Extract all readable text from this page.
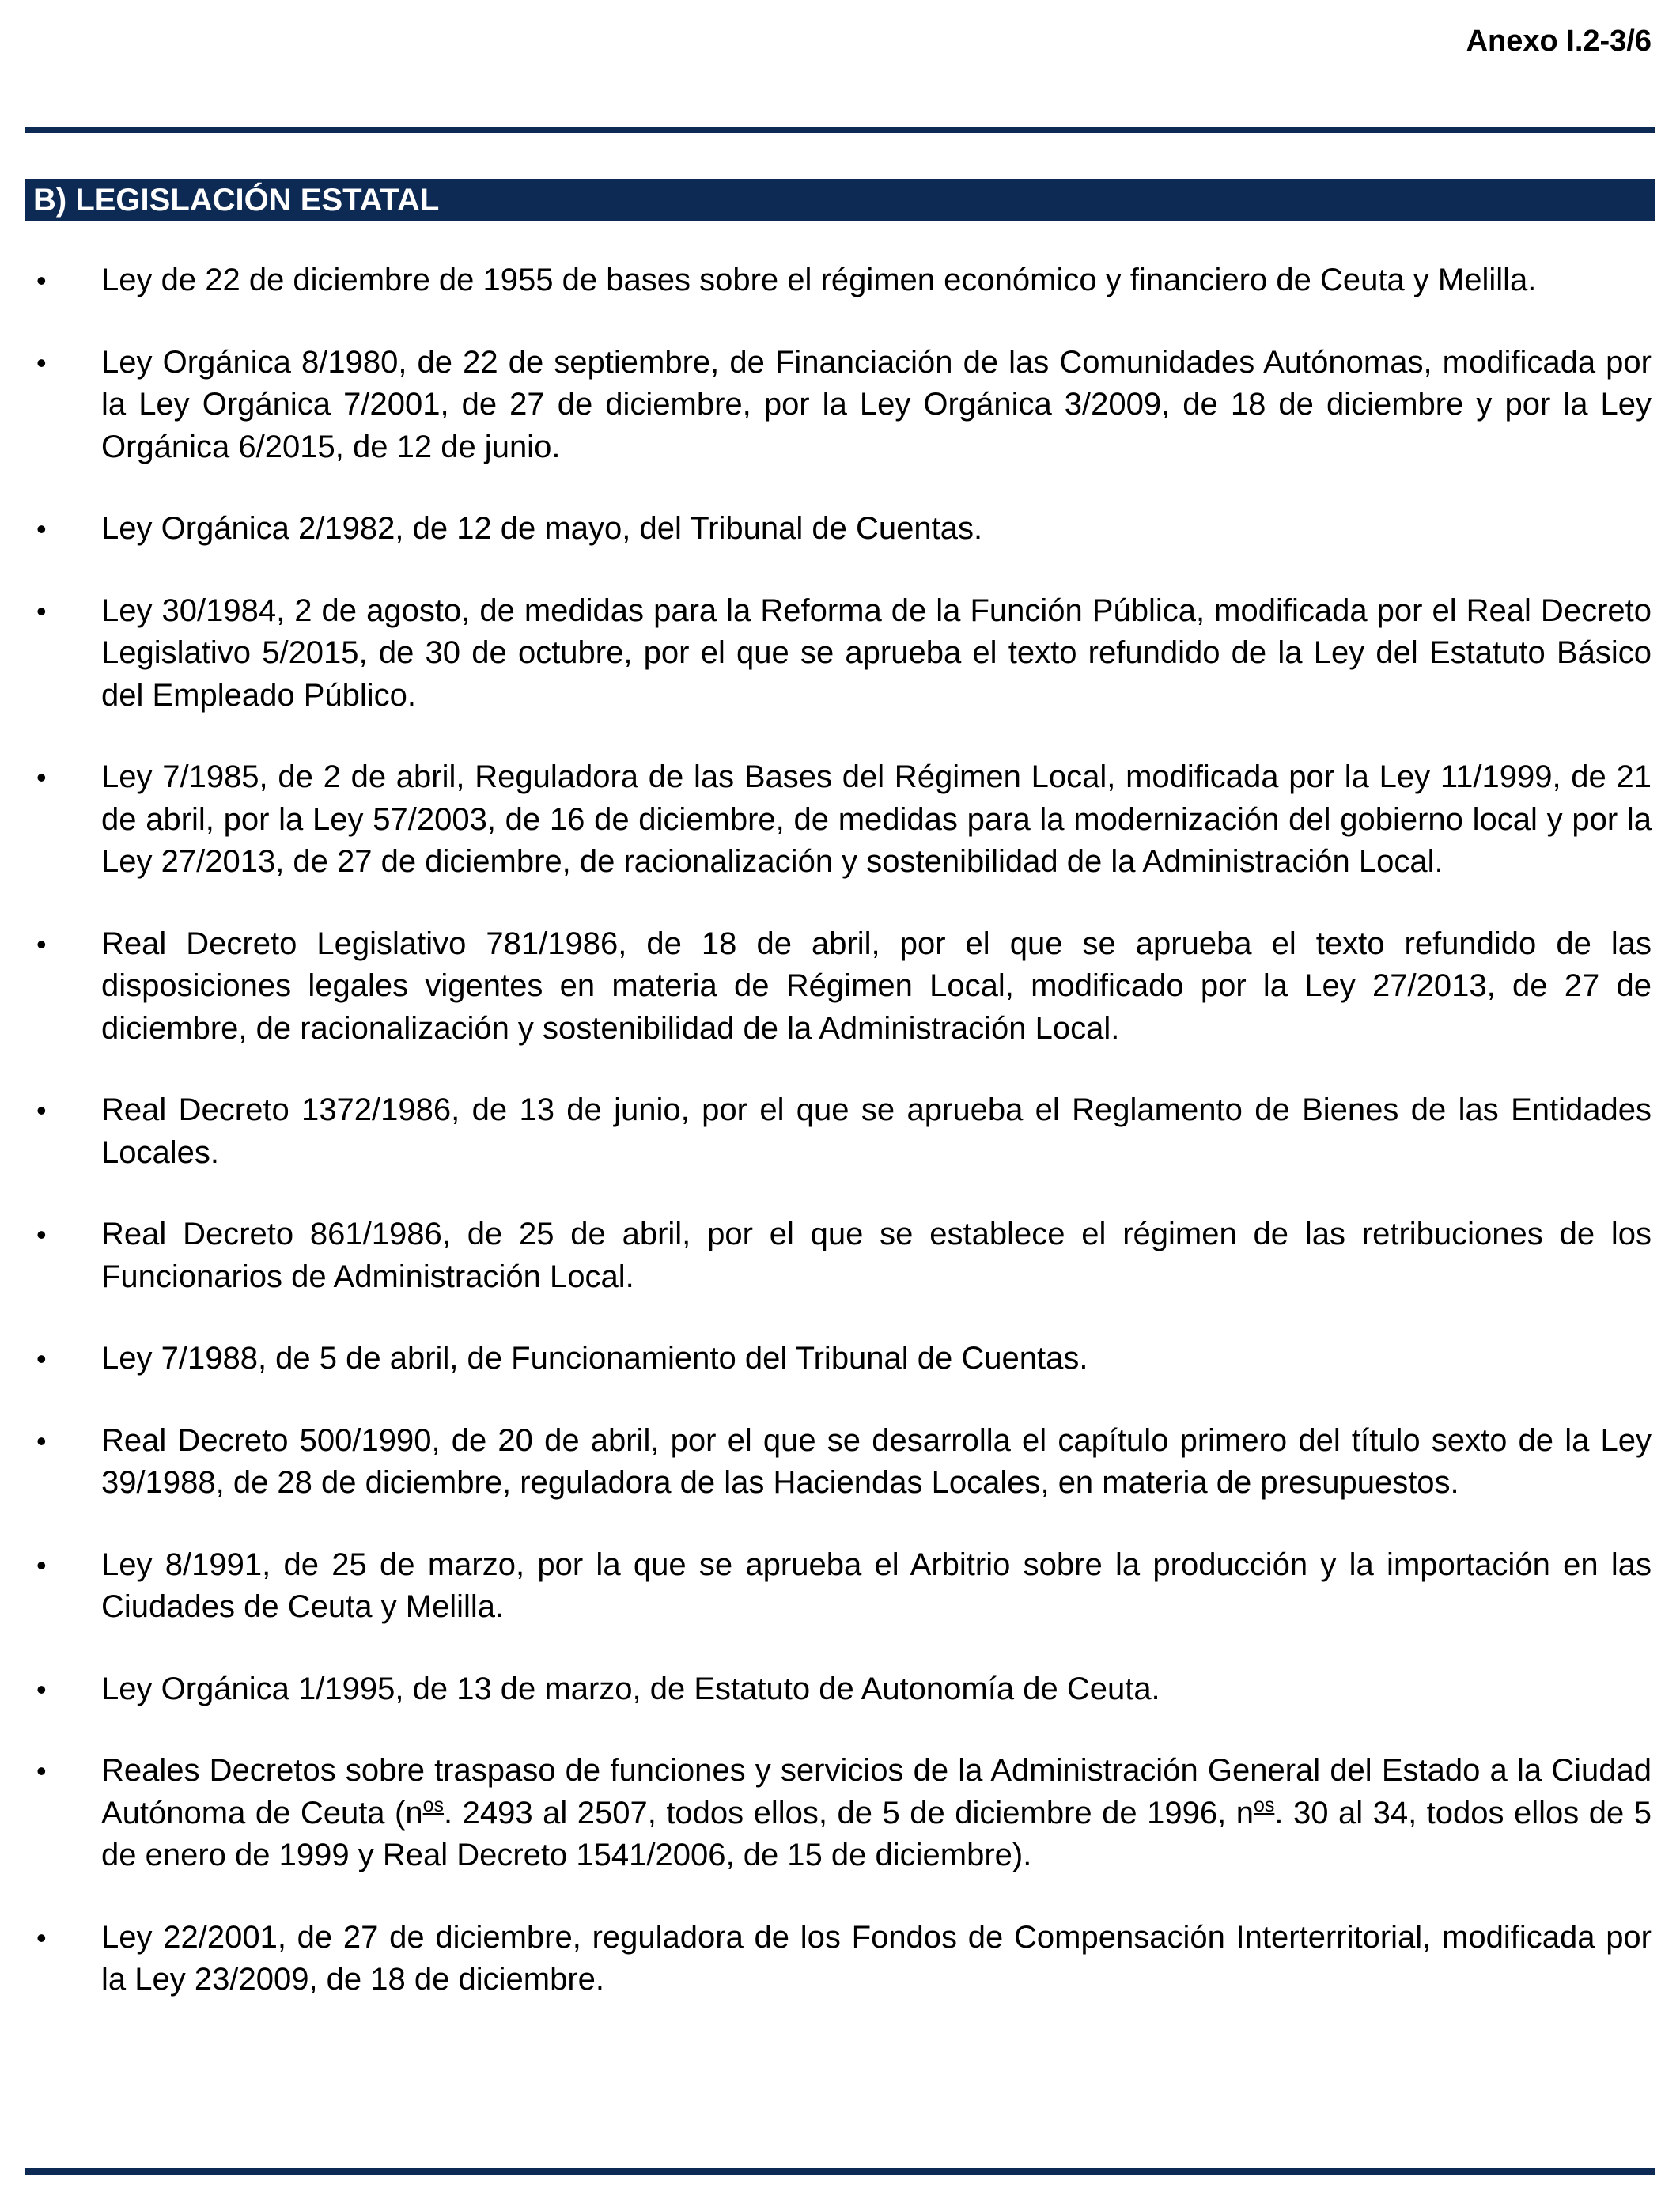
Anexo I.2-3/6
B) LEGISLACIÓN ESTATAL
• Ley de 22 de diciembre de 1955 de bases sobre el régimen económico y financiero de Ceuta y Melilla.
• Ley Orgánica 8/1980, de 22 de septiembre, de Financiación de las Comunidades Autónomas, modificada por la Ley Orgánica 7/2001, de 27 de diciembre, por la Ley Orgánica 3/2009, de 18 de diciembre y por la Ley Orgánica 6/2015, de 12 de junio.
• Ley Orgánica 2/1982, de 12 de mayo, del Tribunal de Cuentas.
• Ley 30/1984, 2 de agosto, de medidas para la Reforma de la Función Pública, modificada por el Real Decreto Legislativo 5/2015, de 30 de octubre, por el que se aprueba el texto refundido de la Ley del Estatuto Básico del Empleado Público.
• Ley 7/1985, de 2 de abril, Reguladora de las Bases del Régimen Local, modificada por la Ley 11/1999, de 21 de abril, por la Ley 57/2003, de 16 de diciembre, de medidas para la modernización del gobierno local y por la Ley 27/2013, de 27 de diciembre, de racionalización y sostenibilidad de la Administración Local.
• Real Decreto Legislativo 781/1986, de 18 de abril, por el que se aprueba el texto refundido de las disposiciones legales vigentes en materia de Régimen Local, modificado por la Ley 27/2013, de 27 de diciembre, de racionalización y sostenibilidad de la Administración Local.
• Real Decreto 1372/1986, de 13 de junio, por el que se aprueba el Reglamento de Bienes de las Entidades Locales.
• Real Decreto 861/1986, de 25 de abril, por el que se establece el régimen de las retribuciones de los Funcionarios de Administración Local.
• Ley 7/1988, de 5 de abril, de Funcionamiento del Tribunal de Cuentas.
• Real Decreto 500/1990, de 20 de abril, por el que se desarrolla el capítulo primero del título sexto de la Ley 39/1988, de 28 de diciembre, reguladora de las Haciendas Locales, en materia de presupuestos.
• Ley 8/1991, de 25 de marzo, por la que se aprueba el Arbitrio sobre la producción y la importación en las Ciudades de Ceuta y Melilla.
• Ley Orgánica 1/1995, de 13 de marzo, de Estatuto de Autonomía de Ceuta.
• Reales Decretos sobre traspaso de funciones y servicios de la Administración General del Estado a la Ciudad Autónoma de Ceuta ($n^{os}$. 2493 al 2507, todos ellos, de 5 de diciembre de 1996, $n^{os}$. 30 al 34, todos ellos de 5 de enero de 1999 y Real Decreto 1541/2006, de 15 de diciembre).
• Ley 22/2001, de 27 de diciembre, reguladora de los Fondos de Compensación Interterritorial, modificada por la Ley 23/2009, de 18 de diciembre.
